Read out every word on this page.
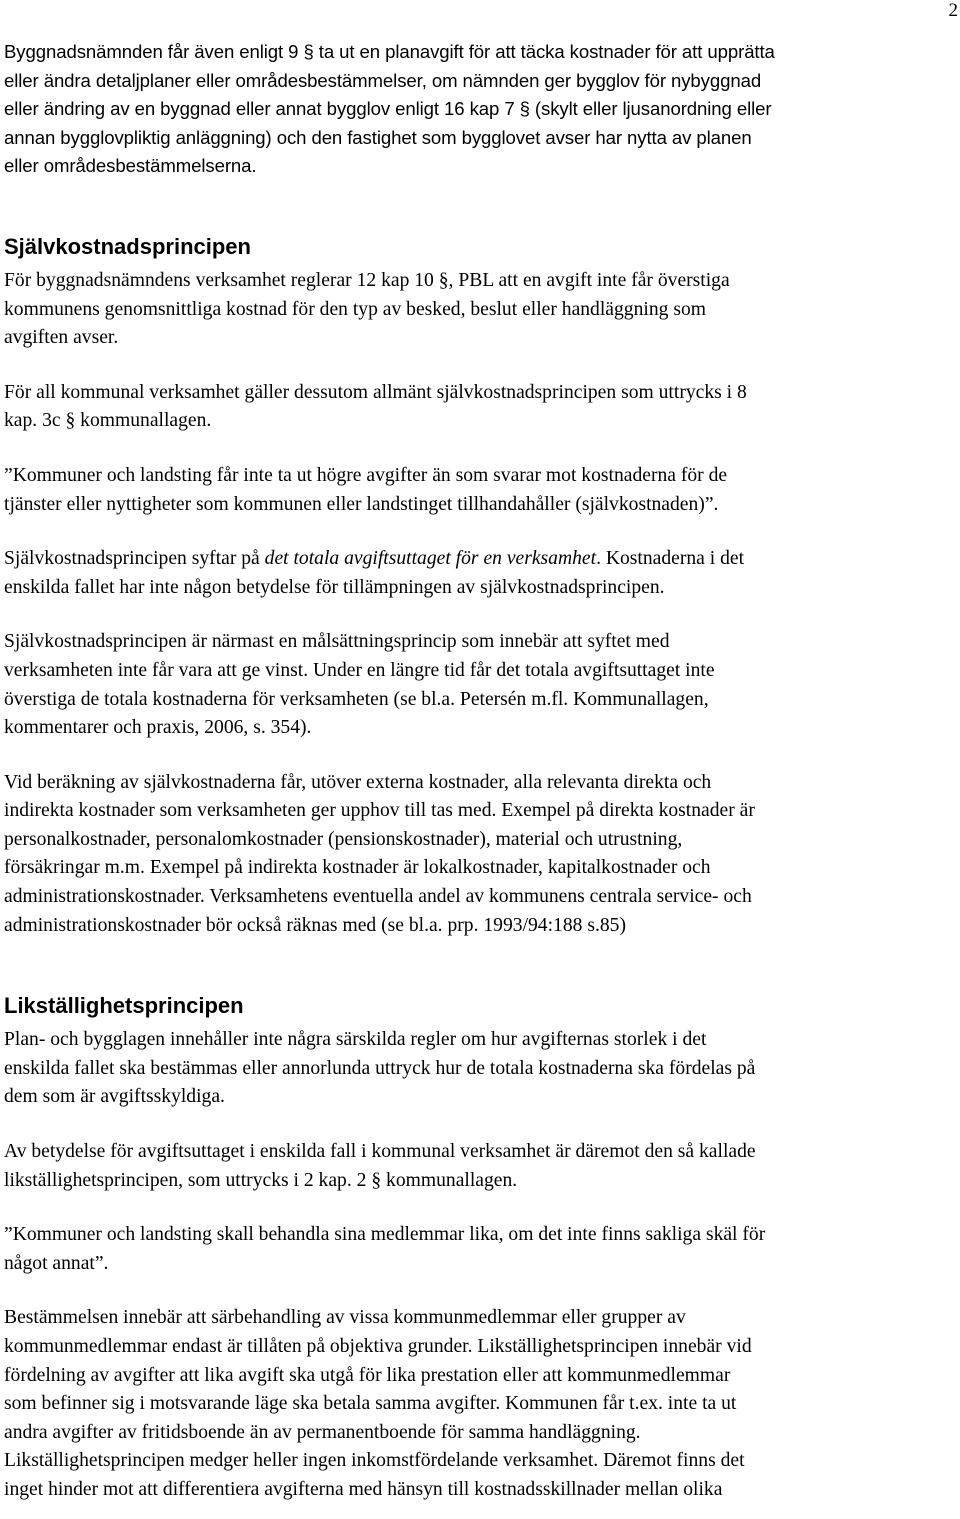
2

Byggnadsnämnden får även enligt 9 § ta ut en planavgift för att täcka kostnader för att upprätta
eller ändra detaljplaner eller områdesbestämmelser, om nämnden ger bygglov för nybyggnad
eller ändring av en byggnad eller annat bygglov enligt 16 kap 7 § (skylt eller ljusanordning eller
annan bygglovpliktig anläggning) och den fastighet som bygglovet avser har nytta av planen
eller områdesbestämmelserna.

Självkostnadsprincipen

För byggnadsnämndens verksamhet reglerar 12 kap 10 §, PBL att en avgift inte får överstiga
kommunens genomsnittliga kostnad för den typ av besked, beslut eller handläggning som
avgiften avser.

För all kommunal verksamhet gäller dessutom allmänt självkostnadsprincipen som uttrycks i 8
kap. 3c § kommunallagen.

”Kommuner och landsting får inte ta ut högre avgifter än som svarar mot kostnaderna för de
tjänster eller nyttigheter som kommunen eller landstinget tillhandahåller (självkostnaden)”.

Självkostnadsprincipen syftar på det totala avgiftsuttaget för en verksamhet. Kostnaderna i det
enskilda fallet har inte någon betydelse för tillämpningen av självkostnadsprincipen.

Självkostnadsprincipen är närmast en målsättningsprincip som innebär att syftet med
verksamheten inte får vara att ge vinst. Under en längre tid får det totala avgiftsuttaget inte
överstiga de totala kostnaderna för verksamheten (se bl.a. Petersén m.fl. Kommunallagen,
kommentarer och praxis, 2006, s. 354).

Vid beräkning av självkostnaderna får, utöver externa kostnader, alla relevanta direkta och
indirekta kostnader som verksamheten ger upphov till tas med. Exempel på direkta kostnader är
personalkostnader, personalomkostnader (pensionskostnader), material och utrustning,
försäkringar m.m. Exempel på indirekta kostnader är lokalkostnader, kapitalkostnader och
administrationskostnader. Verksamhetens eventuella andel av kommunens centrala service- och
administrationskostnader bör också räknas med (se bl.a. prp. 1993/94:188 s.85)

Likställighetsprincipen

Plan- och bygglagen innehåller inte några särskilda regler om hur avgifternas storlek i det
enskilda fallet ska bestämmas eller annorlunda uttryck hur de totala kostnaderna ska fördelas på
dem som är avgiftsskyldiga.

Av betydelse för avgiftsuttaget i enskilda fall i kommunal verksamhet är däremot den så kallade
likställighetsprincipen, som uttrycks i 2 kap. 2 § kommunallagen.

”Kommuner och landsting skall behandla sina medlemmar lika, om det inte finns sakliga skäl för
något annat”.

Bestämmelsen innebär att särbehandling av vissa kommunmedlemmar eller grupper av
kommunmedlemmar endast är tillåten på objektiva grunder. Likställighetsprincipen innebär vid
fördelning av avgifter att lika avgift ska utgå för lika prestation eller att kommunmedlemmar
som befinner sig i motsvarande läge ska betala samma avgifter. Kommunen får t.ex. inte ta ut
andra avgifter av fritidsboende än av permanentboende för samma handläggning.
Likställighetsprincipen medger heller ingen inkomstfördelande verksamhet. Däremot finns det
inget hinder mot att differentiera avgifterna med hänsyn till kostnadsskillnader mellan olika
